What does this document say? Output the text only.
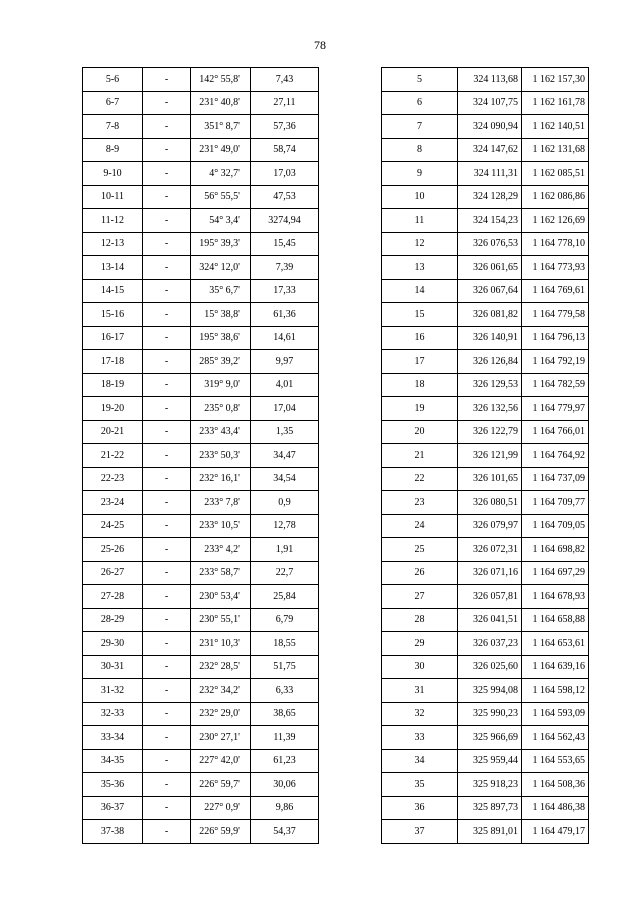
78
5-6	-	142° 55,8'	7,43
6-7	-	231° 40,8'	27,11
7-8	-	351° 8,7'	57,36
8-9	-	231° 49,0'	58,74
9-10	-	4° 32,7'	17,03
10-11	-	56° 55,5'	47,53
11-12	-	54° 3,4'	3274,94
12-13	-	195° 39,3'	15,45
13-14	-	324° 12,0'	7,39
14-15	-	35° 6,7'	17,33
15-16	-	15° 38,8'	61,36
16-17	-	195° 38,6'	14,61
17-18	-	285° 39,2'	9,97
18-19	-	319° 9,0'	4,01
19-20	-	235° 0,8'	17,04
20-21	-	233° 43,4'	1,35
21-22	-	233° 50,3'	34,47
22-23	-	232° 16,1'	34,54
23-24	-	233° 7,8'	0,9
24-25	-	233° 10,5'	12,78
25-26	-	233° 4,2'	1,91
26-27	-	233° 58,7'	22,7
27-28	-	230° 53,4'	25,84
28-29	-	230° 55,1'	6,79
29-30	-	231° 10,3'	18,55
30-31	-	232° 28,5'	51,75
31-32	-	232° 34,2'	6,33
32-33	-	232° 29,0'	38,65
33-34	-	230° 27,1'	11,39
34-35	-	227° 42,0'	61,23
35-36	-	226° 59,7'	30,06
36-37	-	227° 0,9'	9,86
37-38	-	226° 59,9'	54,37
5	324 113,68	1 162 157,30
6	324 107,75	1 162 161,78
7	324 090,94	1 162 140,51
8	324 147,62	1 162 131,68
9	324 111,31	1 162 085,51
10	324 128,29	1 162 086,86
11	324 154,23	1 162 126,69
12	326 076,53	1 164 778,10
13	326 061,65	1 164 773,93
14	326 067,64	1 164 769,61
15	326 081,82	1 164 779,58
16	326 140,91	1 164 796,13
17	326 126,84	1 164 792,19
18	326 129,53	1 164 782,59
19	326 132,56	1 164 779,97
20	326 122,79	1 164 766,01
21	326 121,99	1 164 764,92
22	326 101,65	1 164 737,09
23	326 080,51	1 164 709,77
24	326 079,97	1 164 709,05
25	326 072,31	1 164 698,82
26	326 071,16	1 164 697,29
27	326 057,81	1 164 678,93
28	326 041,51	1 164 658,88
29	326 037,23	1 164 653,61
30	326 025,60	1 164 639,16
31	325 994,08	1 164 598,12
32	325 990,23	1 164 593,09
33	325 966,69	1 164 562,43
34	325 959,44	1 164 553,65
35	325 918,23	1 164 508,36
36	325 897,73	1 164 486,38
37	325 891,01	1 164 479,17
